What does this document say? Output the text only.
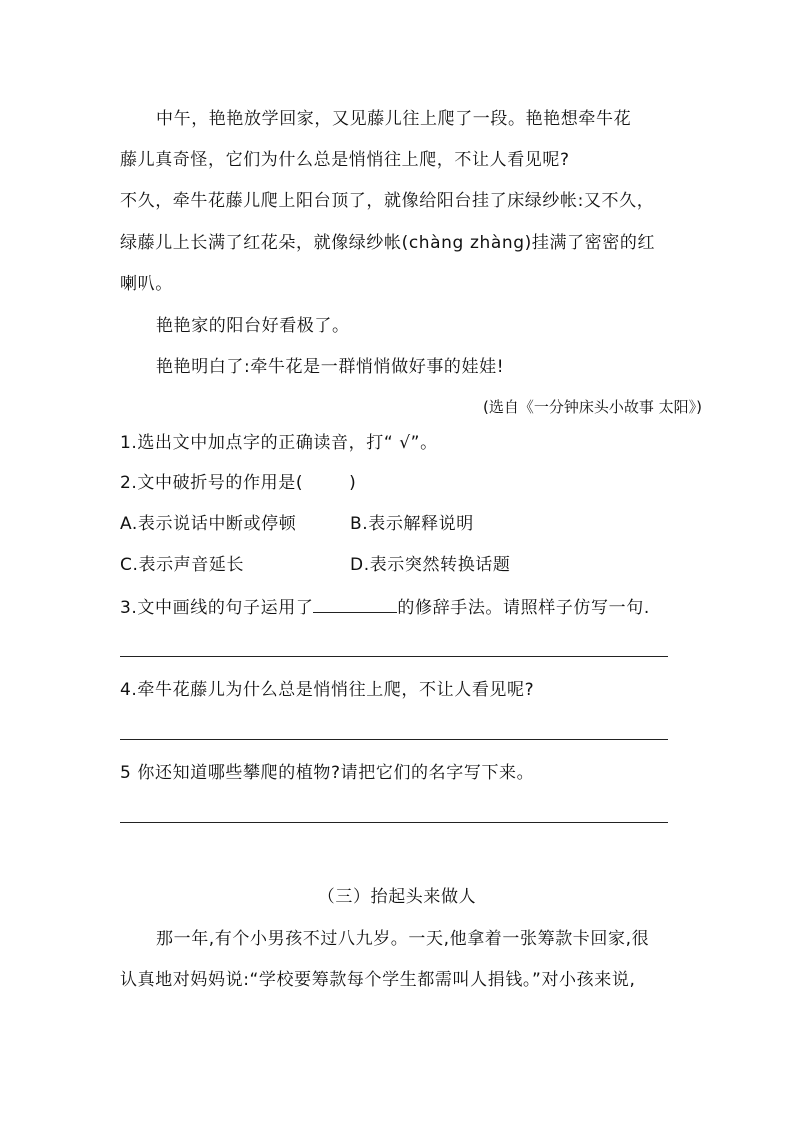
中午，艳艳放学回家，又见藤儿往上爬了一段。艳艳想牵牛花
藤儿真奇怪，它们为什么总是悄悄往上爬，不让人看见呢?
不久，牵牛花藤儿爬上阳台顶了，就像给阳台挂了床绿纱帐:又不久，
绿藤儿上长满了红花朵，就像绿纱帐(chàng zhàng)挂满了密密的红
喇叭。
艳艳家的阳台好看极了。
艳艳明白了:牵牛花是一群悄悄做好事的娃娃!
(选自《一分钟床头小故事 太阳》)
1.选出文中加点字的正确读音，打“ √”。
2.文中破折号的作用是(	)
A.表示说话中断或停顿	B.表示解释说明
C.表示声音延长	D.表示突然转换话题
3.文中画线的句子运用了	的修辞手法。请照样子仿写一句.
4.牵牛花藤儿为什么总是悄悄往上爬，不让人看见呢?
5 你还知道哪些攀爬的植物?请把它们的名字写下来。
（三）抬起头来做人
那一年,有个小男孩不过八九岁。一天,他拿着一张筹款卡回家,很
认真地对妈妈说:“学校要筹款每个学生都需叫人捐钱。”对小孩来说,
